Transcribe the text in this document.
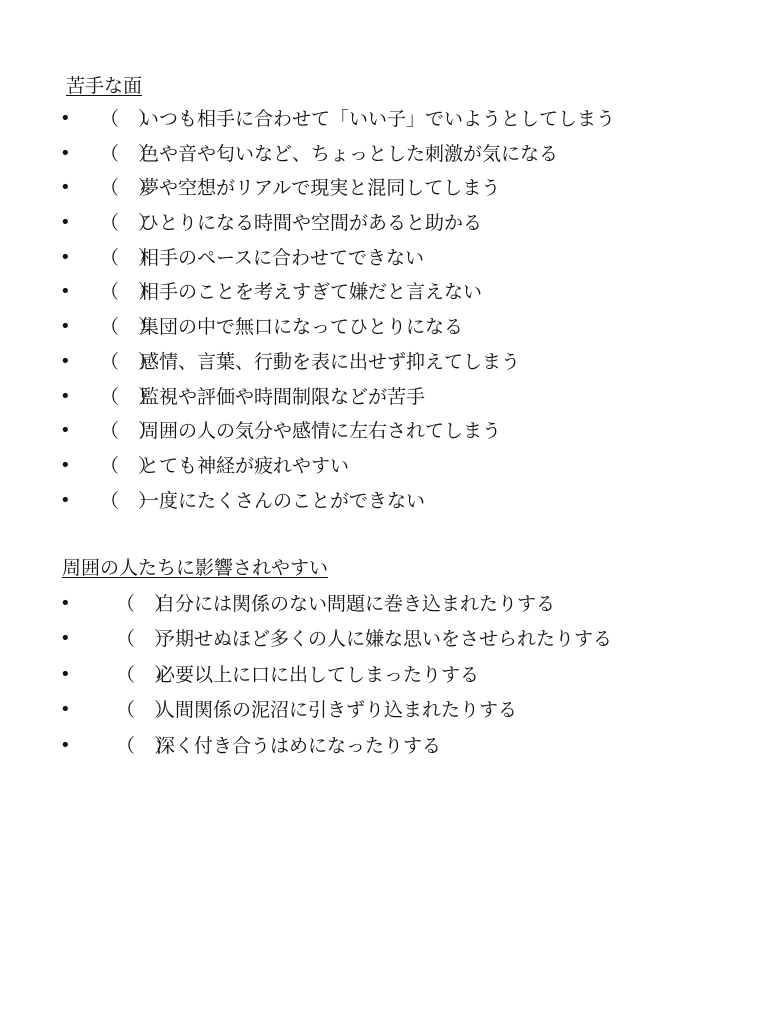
苦手な面
• （　）
いつも相手に合わせて「いい子」でいようとしてしまう
• （　）
色や音や匂いなど、ちょっとした刺激が気になる
• （　）
夢や空想がリアルで現実と混同してしまう
• （　）
ひとりになる時間や空間があると助かる
• （　）
相手のペースに合わせてできない
• （　）
相手のことを考えすぎて嫌だと言えない
• （　）
集団の中で無口になってひとりになる
• （　）
感情、言葉、行動を表に出せず抑えてしまう
• （　）
監視や評価や時間制限などが苦手
• （　）
周囲の人の気分や感情に左右されてしまう
• （　）
とても神経が疲れやすい
• （　）
一度にたくさんのことができない
周囲の人たちに影響されやすい
• （　）
自分には関係のない問題に巻き込まれたりする
• （　）
予期せぬほど多くの人に嫌な思いをさせられたりする
• （　）
必要以上に口に出してしまったりする
• （　）
人間関係の泥沼に引きずり込まれたりする
• （　）
深く付き合うはめになったりする
